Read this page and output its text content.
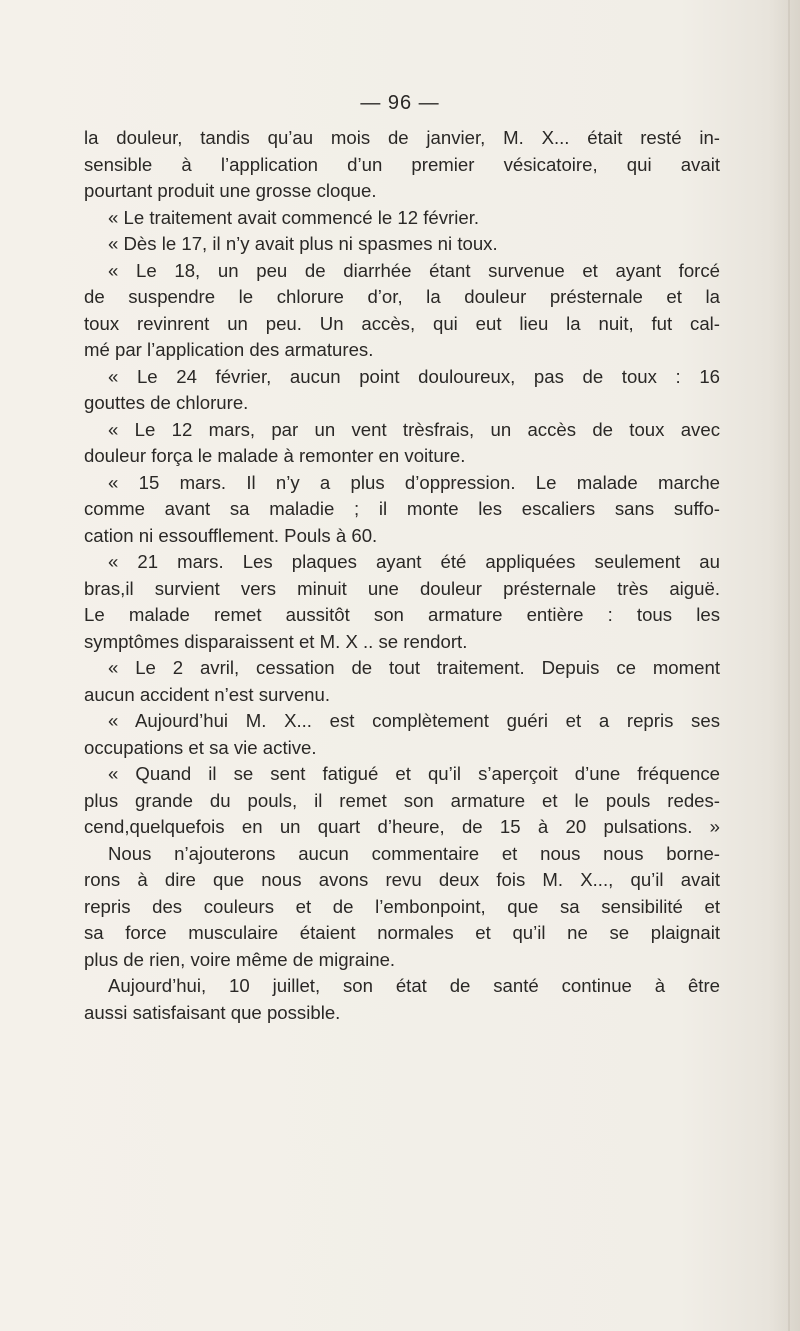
— 96 —
la douleur, tandis qu’au mois de janvier, M. X... était resté in-
sensible à l’application d’un premier vésicatoire, qui avait
pourtant produit une grosse cloque.
« Le traitement avait commencé le 12 février.
« Dès le 17, il n’y avait plus ni spasmes ni toux.
« Le 18, un peu de diarrhée étant survenue et ayant forcé
de suspendre le chlorure d’or, la douleur présternale et la
toux revinrent un peu. Un accès, qui eut lieu la nuit, fut cal-
mé par l’application des armatures.
« Le 24 février, aucun point douloureux, pas de toux : 16
gouttes de chlorure.
« Le 12 mars, par un vent trèsfrais, un accès de toux avec
douleur força le malade à remonter en voiture.
« 15 mars. Il n’y a plus d’oppression. Le malade marche
comme avant sa maladie ; il monte les escaliers sans suffo-
cation ni essoufflement. Pouls à 60.
« 21 mars. Les plaques ayant été appliquées seulement au
bras,il survient vers minuit une douleur présternale très aiguë.
Le malade remet aussitôt son armature entière : tous les
symptômes disparaissent et M. X .. se rendort.
« Le 2 avril, cessation de tout traitement. Depuis ce moment
aucun accident n’est survenu.
« Aujourd’hui M. X... est complètement guéri et a repris ses
occupations et sa vie active.
« Quand il se sent fatigué et qu’il s’aperçoit d’une fréquence
plus grande du pouls, il remet son armature et le pouls redes-
cend,quelquefois en un quart d’heure, de 15 à 20 pulsations. »
Nous n’ajouterons aucun commentaire et nous nous borne-
rons à dire que nous avons revu deux fois M. X..., qu’il avait
repris des couleurs et de l’embonpoint, que sa sensibilité et
sa force musculaire étaient normales et qu’il ne se plaignait
plus de rien, voire même de migraine.
Aujourd’hui, 10 juillet, son état de santé continue à être
aussi satisfaisant que possible.
